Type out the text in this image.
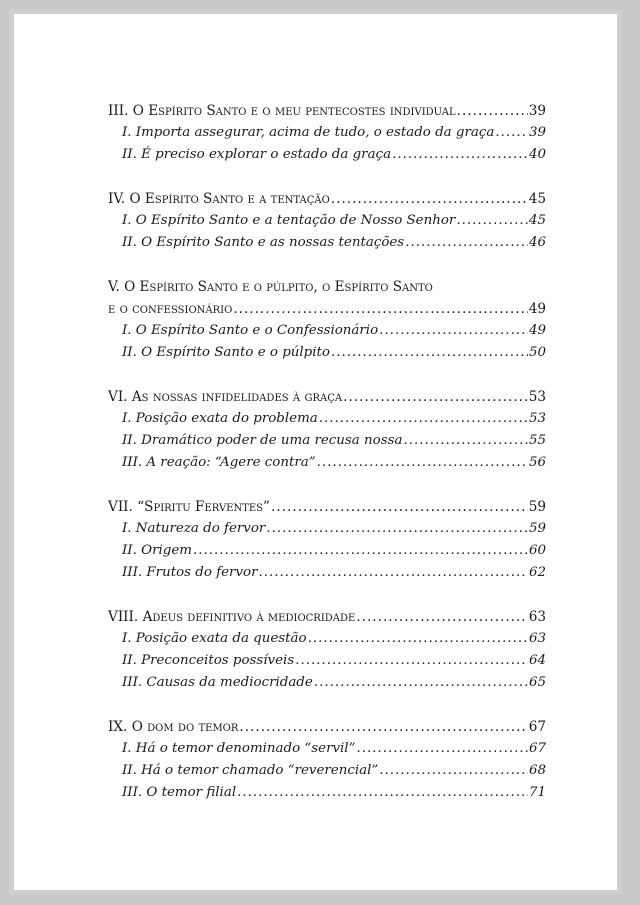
III. O Espírito Santo e o meu pentecostes individual .....	39
I. Importa assegurar, acima de tudo, o estado da graça .....	39
II. É preciso explorar o estado da graça .....	40
IV. O Espírito Santo e a tentação .....	45
I. O Espírito Santo e a tentação de Nosso Senhor .....	45
II. O Espírito Santo e as nossas tentações .....	46
V. O Espírito Santo e o púlpito, o Espírito Santo
e o confessionário .....	49
I. O Espírito Santo e o Confessionário .....	49
II. O Espírito Santo e o púlpito .....	50
VI. As nossas infidelidades à graça .....	53
I. Posição exata do problema .....	53
II. Dramático poder de uma recusa nossa .....	55
III. A reação: “Agere contra” .....	56
VII. “Spiritu Ferventes” .....	59
I. Natureza do fervor .....	59
II. Origem .....	60
III. Frutos do fervor .....	62
VIII. Adeus definitivo à mediocridade .....	63
I. Posição exata da questão .....	63
II. Preconceitos possíveis .....	64
III. Causas da mediocridade .....	65
IX. O dom do temor .....	67
I. Há o temor denominado “servil” .....	67
II. Há o temor chamado “reverencial” .....	68
III. O temor filial .....	71
